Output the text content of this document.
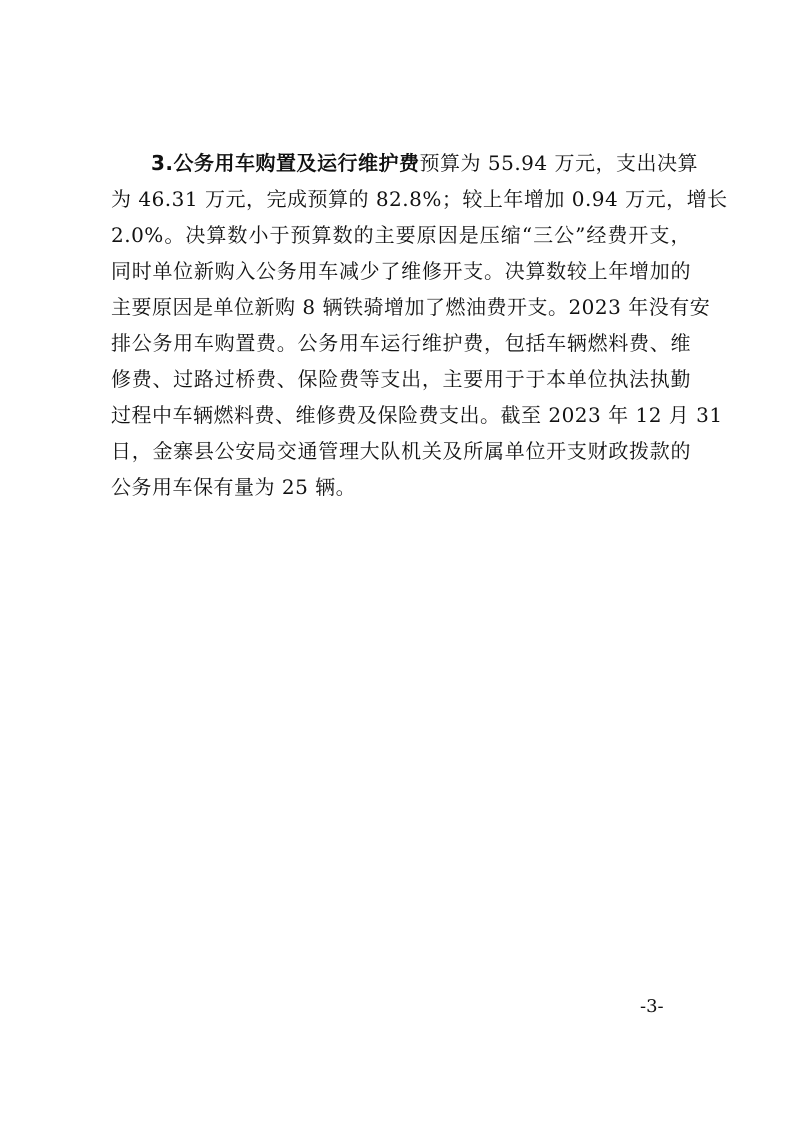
3.公务用车购置及运行维护费预算为 55.94 万元，支出决算
为 46.31 万元，完成预算的 82.8%；较上年增加 0.94 万元，增长
2.0%。决算数小于预算数的主要原因是压缩“三公”经费开支，
同时单位新购入公务用车减少了维修开支。决算数较上年增加的
主要原因是单位新购 8 辆铁骑增加了燃油费开支。2023 年没有安
排公务用车购置费。公务用车运行维护费，包括车辆燃料费、维
修费、过路过桥费、保险费等支出，主要用于于本单位执法执勤
过程中车辆燃料费、维修费及保险费支出。截至 2023 年 12 月 31
日，金寨县公安局交通管理大队机关及所属单位开支财政拨款的
公务用车保有量为 25 辆。
-3-
